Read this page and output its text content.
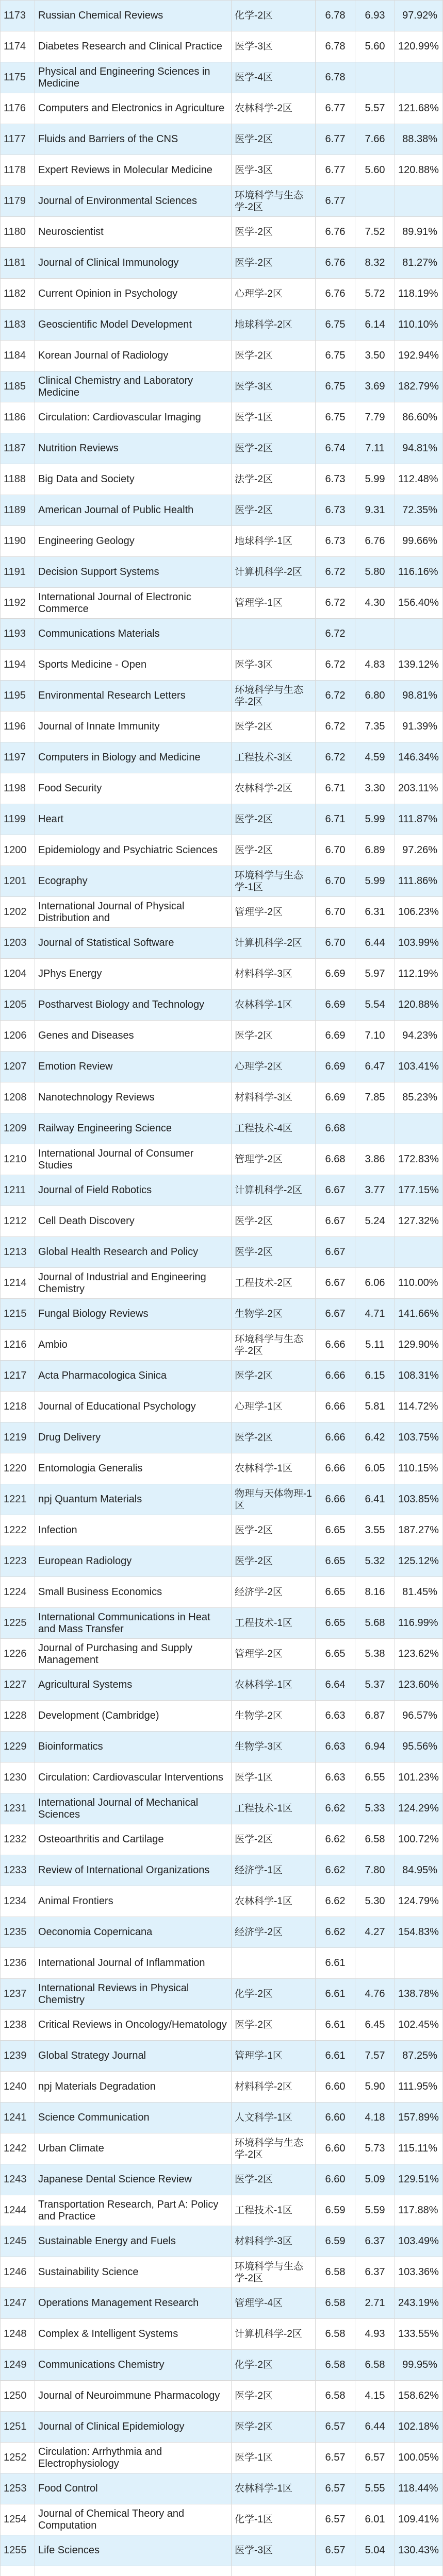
1173	Russian Chemical Reviews	化学-2区	6.78	6.93	97.92%
1174	Diabetes Research and Clinical Practice	医学-3区	6.78	5.60	120.99%
1175	Physical and Engineering Sciences in Medicine	医学-4区	6.78		
1176	Computers and Electronics in Agriculture	农林科学-2区	6.77	5.57	121.68%
1177	Fluids and Barriers of the CNS	医学-2区	6.77	7.66	88.38%
1178	Expert Reviews in Molecular Medicine	医学-3区	6.77	5.60	120.88%
1179	Journal of Environmental Sciences	环境科学与生态学-2区	6.77		
1180	Neuroscientist	医学-2区	6.76	7.52	89.91%
1181	Journal of Clinical Immunology	医学-2区	6.76	8.32	81.27%
1182	Current Opinion in Psychology	心理学-2区	6.76	5.72	118.19%
1183	Geoscientific Model Development	地球科学-2区	6.75	6.14	110.10%
1184	Korean Journal of Radiology	医学-2区	6.75	3.50	192.94%
1185	Clinical Chemistry and Laboratory Medicine	医学-3区	6.75	3.69	182.79%
1186	Circulation: Cardiovascular Imaging	医学-1区	6.75	7.79	86.60%
1187	Nutrition Reviews	医学-2区	6.74	7.11	94.81%
1188	Big Data and Society	法学-2区	6.73	5.99	112.48%
1189	American Journal of Public Health	医学-2区	6.73	9.31	72.35%
1190	Engineering Geology	地球科学-1区	6.73	6.76	99.66%
1191	Decision Support Systems	计算机科学-2区	6.72	5.80	116.16%
1192	International Journal of Electronic Commerce	管理学-1区	6.72	4.30	156.40%
1193	Communications Materials		6.72		
1194	Sports Medicine - Open	医学-3区	6.72	4.83	139.12%
1195	Environmental Research Letters	环境科学与生态学-2区	6.72	6.80	98.81%
1196	Journal of Innate Immunity	医学-2区	6.72	7.35	91.39%
1197	Computers in Biology and Medicine	工程技术-3区	6.72	4.59	146.34%
1198	Food Security	农林科学-2区	6.71	3.30	203.11%
1199	Heart	医学-2区	6.71	5.99	111.87%
1200	Epidemiology and Psychiatric Sciences	医学-2区	6.70	6.89	97.26%
1201	Ecography	环境科学与生态学-1区	6.70	5.99	111.86%
1202	International Journal of Physical Distribution and	管理学-2区	6.70	6.31	106.23%
1203	Journal of Statistical Software	计算机科学-2区	6.70	6.44	103.99%
1204	JPhys Energy	材料科学-3区	6.69	5.97	112.19%
1205	Postharvest Biology and Technology	农林科学-1区	6.69	5.54	120.88%
1206	Genes and Diseases	医学-2区	6.69	7.10	94.23%
1207	Emotion Review	心理学-2区	6.69	6.47	103.41%
1208	Nanotechnology Reviews	材料科学-3区	6.69	7.85	85.23%
1209	Railway Engineering Science	工程技术-4区	6.68		
1210	International Journal of Consumer Studies	管理学-2区	6.68	3.86	172.83%
1211	Journal of Field Robotics	计算机科学-2区	6.67	3.77	177.15%
1212	Cell Death Discovery	医学-2区	6.67	5.24	127.32%
1213	Global Health Research and Policy	医学-2区	6.67		
1214	Journal of Industrial and Engineering Chemistry	工程技术-2区	6.67	6.06	110.00%
1215	Fungal Biology Reviews	生物学-2区	6.67	4.71	141.66%
1216	Ambio	环境科学与生态学-2区	6.66	5.11	129.90%
1217	Acta Pharmacologica Sinica	医学-2区	6.66	6.15	108.31%
1218	Journal of Educational Psychology	心理学-1区	6.66	5.81	114.72%
1219	Drug Delivery	医学-2区	6.66	6.42	103.75%
1220	Entomologia Generalis	农林科学-1区	6.66	6.05	110.15%
1221	npj Quantum Materials	物理与天体物理-1区	6.66	6.41	103.85%
1222	Infection	医学-2区	6.65	3.55	187.27%
1223	European Radiology	医学-2区	6.65	5.32	125.12%
1224	Small Business Economics	经济学-2区	6.65	8.16	81.45%
1225	International Communications in Heat and Mass Transfer	工程技术-1区	6.65	5.68	116.99%
1226	Journal of Purchasing and Supply Management	管理学-2区	6.65	5.38	123.62%
1227	Agricultural Systems	农林科学-1区	6.64	5.37	123.60%
1228	Development (Cambridge)	生物学-2区	6.63	6.87	96.57%
1229	Bioinformatics	生物学-3区	6.63	6.94	95.56%
1230	Circulation: Cardiovascular Interventions	医学-1区	6.63	6.55	101.23%
1231	International Journal of Mechanical Sciences	工程技术-1区	6.62	5.33	124.29%
1232	Osteoarthritis and Cartilage	医学-2区	6.62	6.58	100.72%
1233	Review of International Organizations	经济学-1区	6.62	7.80	84.95%
1234	Animal Frontiers	农林科学-1区	6.62	5.30	124.79%
1235	Oeconomia Copernicana	经济学-2区	6.62	4.27	154.83%
1236	International Journal of Inflammation		6.61		
1237	International Reviews in Physical Chemistry	化学-2区	6.61	4.76	138.78%
1238	Critical Reviews in Oncology/Hematology	医学-2区	6.61	6.45	102.45%
1239	Global Strategy Journal	管理学-1区	6.61	7.57	87.25%
1240	npj Materials Degradation	材料科学-2区	6.60	5.90	111.95%
1241	Science Communication	人文科学-1区	6.60	4.18	157.89%
1242	Urban Climate	环境科学与生态学-2区	6.60	5.73	115.11%
1243	Japanese Dental Science Review	医学-2区	6.60	5.09	129.51%
1244	Transportation Research, Part A: Policy and Practice	工程技术-1区	6.59	5.59	117.88%
1245	Sustainable Energy and Fuels	材料科学-3区	6.59	6.37	103.49%
1246	Sustainability Science	环境科学与生态学-2区	6.58	6.37	103.36%
1247	Operations Management Research	管理学-4区	6.58	2.71	243.19%
1248	Complex & Intelligent Systems	计算机科学-2区	6.58	4.93	133.55%
1249	Communications Chemistry	化学-2区	6.58	6.58	99.95%
1250	Journal of Neuroimmune Pharmacology	医学-2区	6.58	4.15	158.62%
1251	Journal of Clinical Epidemiology	医学-2区	6.57	6.44	102.18%
1252	Circulation: Arrhythmia and Electrophysiology	医学-1区	6.57	6.57	100.05%
1253	Food Control	农林科学-1区	6.57	5.55	118.44%
1254	Journal of Chemical Theory and Computation	化学-1区	6.57	6.01	109.41%
1255	Life Sciences	医学-3区	6.57	5.04	130.43%
